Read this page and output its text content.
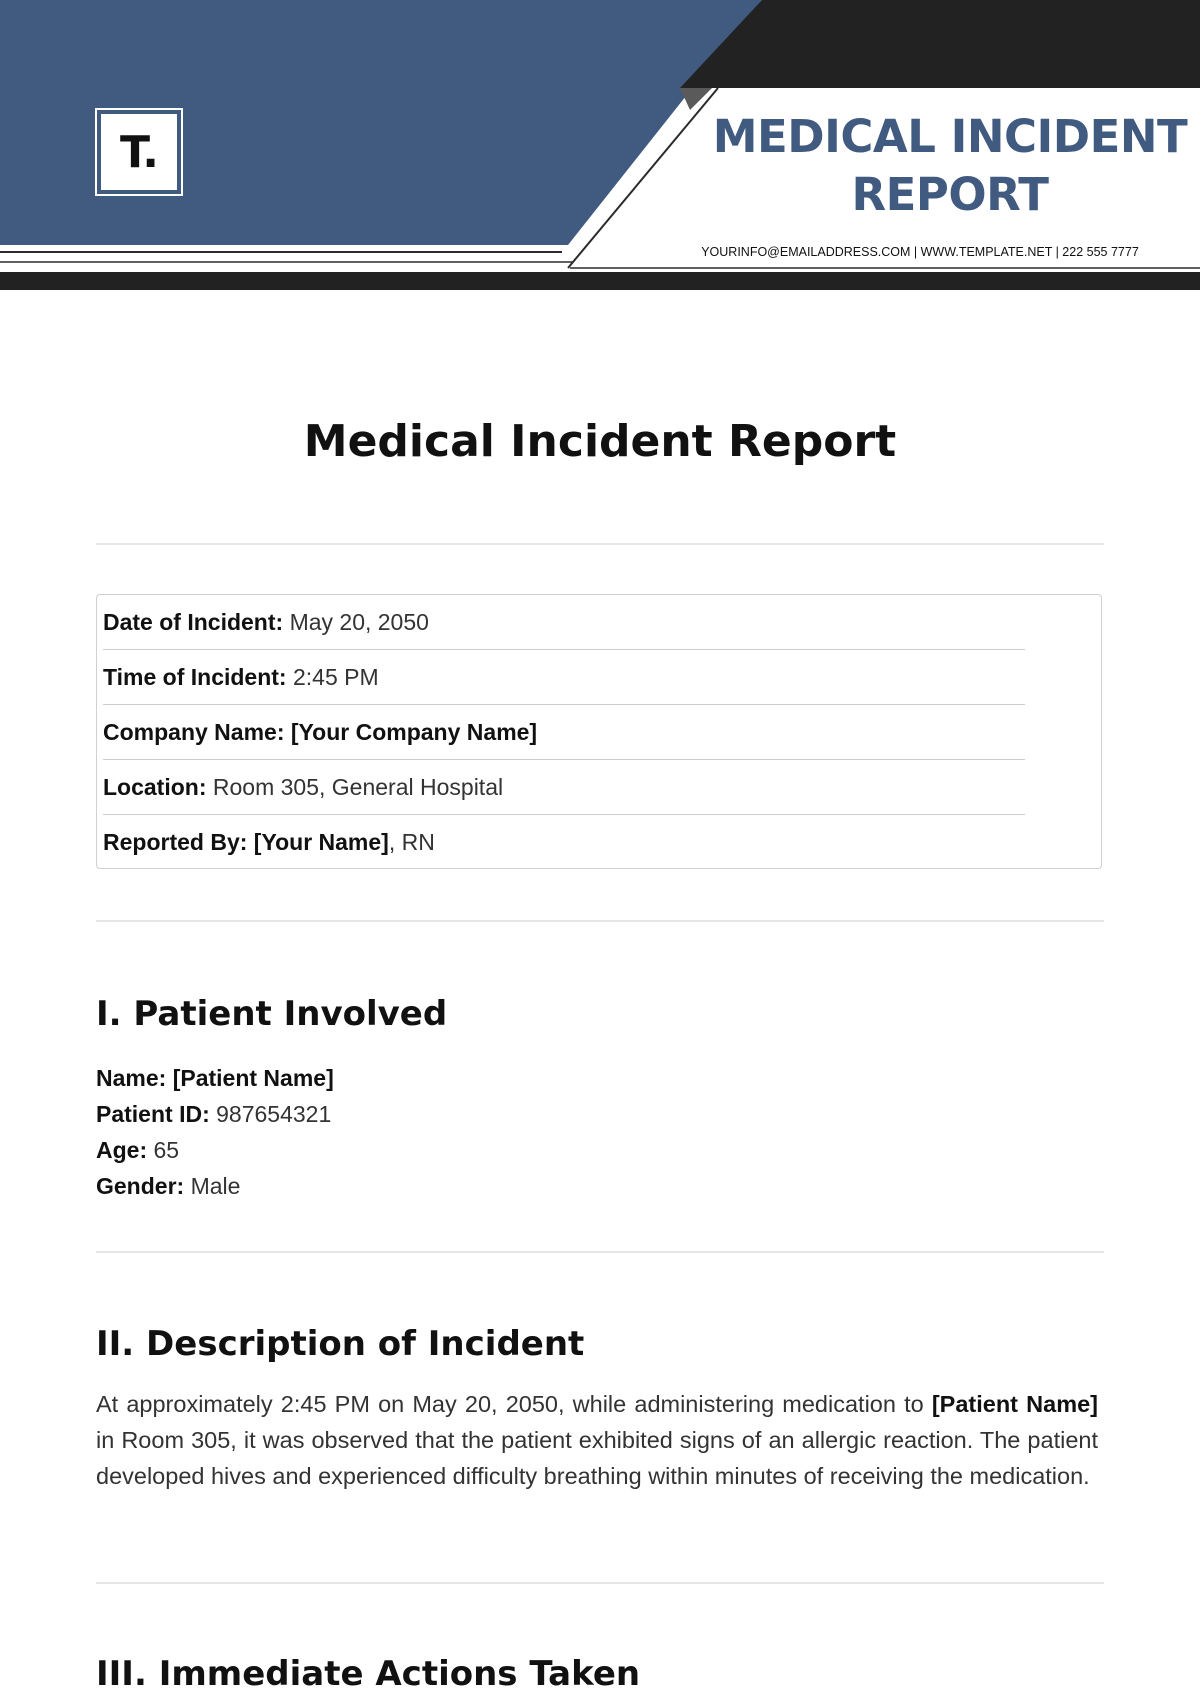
T.	MEDICAL INCIDENT
REPORT
YOURINFO@EMAILADDRESS.COM | WWW.TEMPLATE.NET | 222 555 7777
Medical Incident Report
Date of Incident: May 20, 2050
Time of Incident: 2:45 PM
Company Name: [Your Company Name]
Location: Room 305, General Hospital
Reported By: [Your Name], RN
I. Patient Involved
Name: [Patient Name]
Patient ID: 987654321
Age: 65
Gender: Male
II. Description of Incident
At approximately 2:45 PM on May 20, 2050, while administering medication to [Patient Name] in Room 305, it was observed that the patient exhibited signs of an allergic reaction. The patient developed hives and experienced difficulty breathing within minutes of receiving the medication.
III. Immediate Actions Taken
